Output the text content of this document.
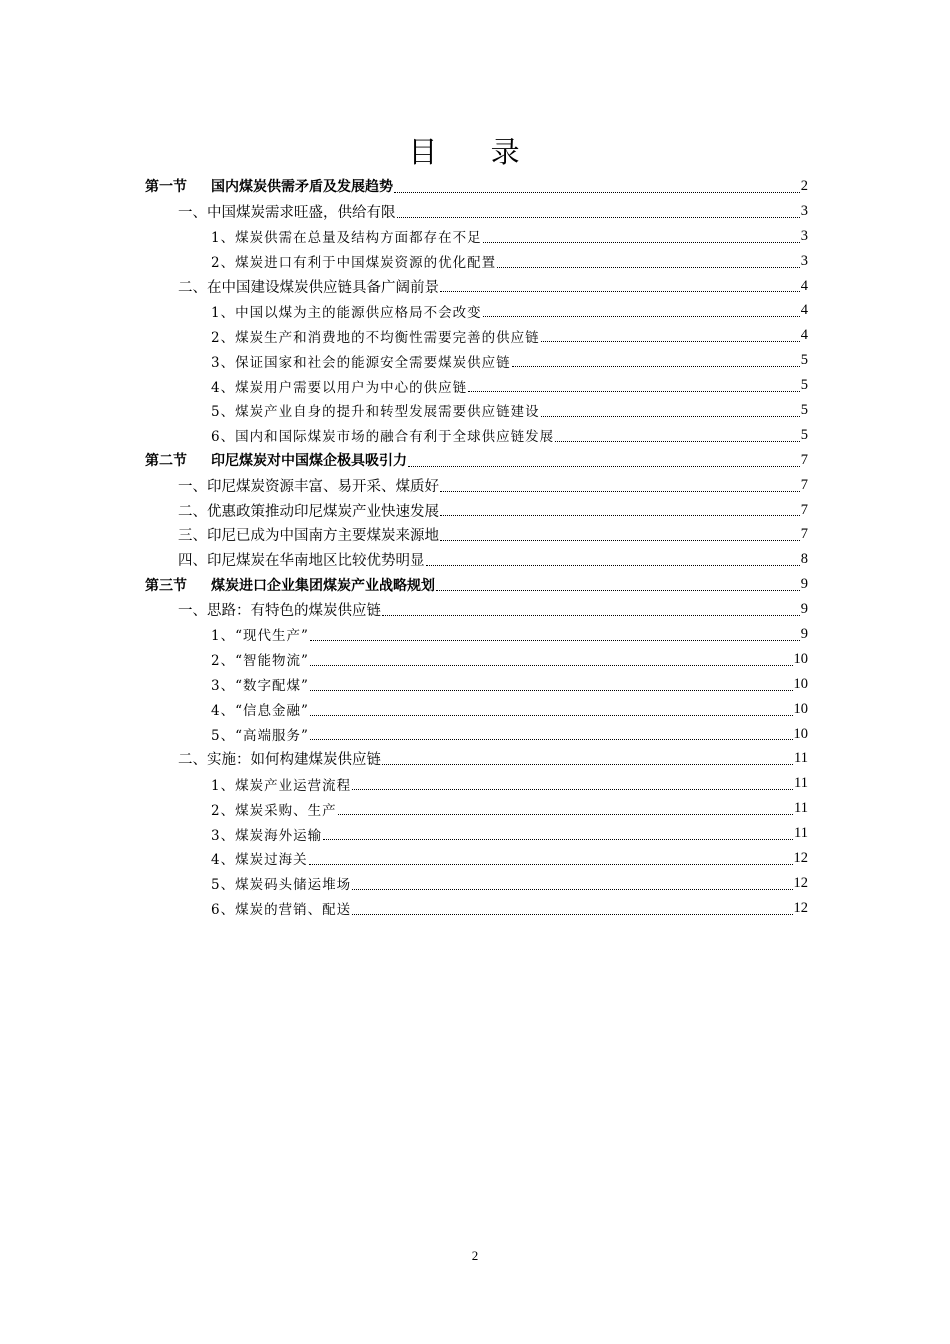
目 录
第一节 国内煤炭供需矛盾及发展趋势	2
一、中国煤炭需求旺盛，供给有限	3
1、煤炭供需在总量及结构方面都存在不足	3
2、煤炭进口有利于中国煤炭资源的优化配置	3
二、在中国建设煤炭供应链具备广阔前景	4
1、中国以煤为主的能源供应格局不会改变	4
2、煤炭生产和消费地的不均衡性需要完善的供应链	4
3、保证国家和社会的能源安全需要煤炭供应链	5
4、煤炭用户需要以用户为中心的供应链	5
5、煤炭产业自身的提升和转型发展需要供应链建设	5
6、国内和国际煤炭市场的融合有利于全球供应链发展	5
第二节 印尼煤炭对中国煤企极具吸引力	7
一、印尼煤炭资源丰富、易开采、煤质好	7
二、优惠政策推动印尼煤炭产业快速发展	7
三、印尼已成为中国南方主要煤炭来源地	7
四、印尼煤炭在华南地区比较优势明显	8
第三节 煤炭进口企业集团煤炭产业战略规划	9
一、思路：有特色的煤炭供应链	9
1、“现代生产”	9
2、“智能物流”	10
3、“数字配煤”	10
4、“信息金融”	10
5、“高端服务”	10
二、实施：如何构建煤炭供应链	11
1、煤炭产业运营流程	11
2、煤炭采购、生产	11
3、煤炭海外运输	11
4、煤炭过海关	12
5、煤炭码头储运堆场	12
6、煤炭的营销、配送	12
2
